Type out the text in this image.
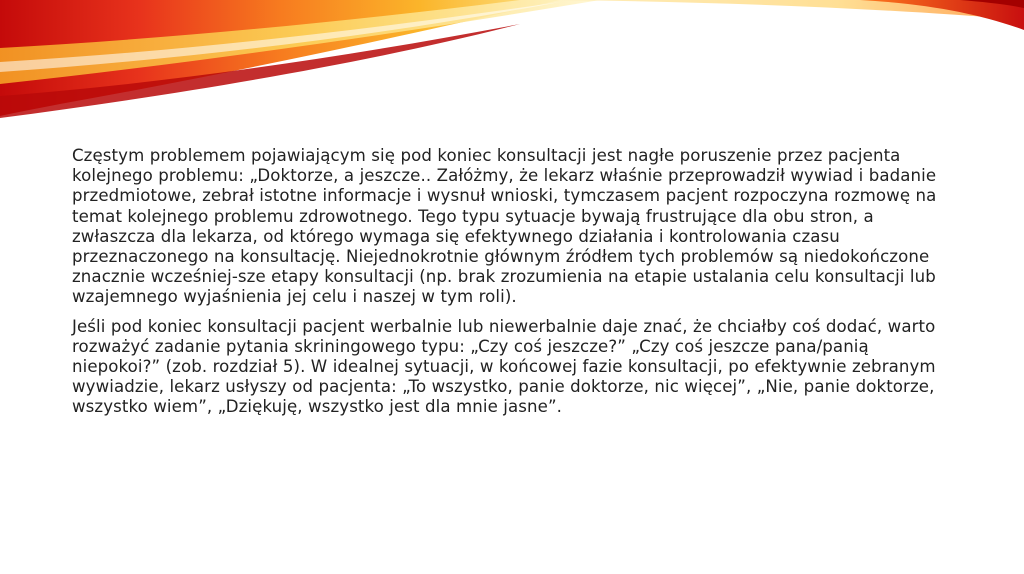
Częstym problemem pojawiającym się pod koniec konsultacji jest nagłe poruszenie przez pacjenta kolejnego problemu: „Doktorze, a jeszcze.. Załóżmy, że lekarz właśnie przeprowadził wywiad i badanie przedmiotowe, zebrał istotne informacje i wysnuł wnioski, tymczasem pacjent rozpoczyna rozmowę na temat kolejnego problemu zdrowotnego. Tego typu sytuacje bywają frustrujące dla obu stron, a zwłaszcza dla lekarza, od którego wymaga się efektywnego działania i kontrolowania czasu przeznaczonego na konsultację. Niejednokrotnie głównym źródłem tych problemów są niedokończone znacznie wcześniej-sze etapy konsultacji (np. brak zrozumienia na etapie ustalania celu konsultacji lub wzajemnego wyjaśnienia jej celu i naszej w tym roli).

Jeśli pod koniec konsultacji pacjent werbalnie lub niewerbalnie daje znać, że chciałby coś dodać, warto rozważyć zadanie pytania skriningowego typu: „Czy coś jeszcze?” „Czy coś jeszcze pana/panią niepokoi?” (zob. rozdział 5). W idealnej sytuacji, w końcowej fazie konsultacji, po efektywnie zebranym wywiadzie, lekarz usłyszy od pacjenta: „To wszystko, panie doktorze, nic więcej”, „Nie, panie doktorze, wszystko wiem”, „Dziękuję, wszystko jest dla mnie jasne”.
